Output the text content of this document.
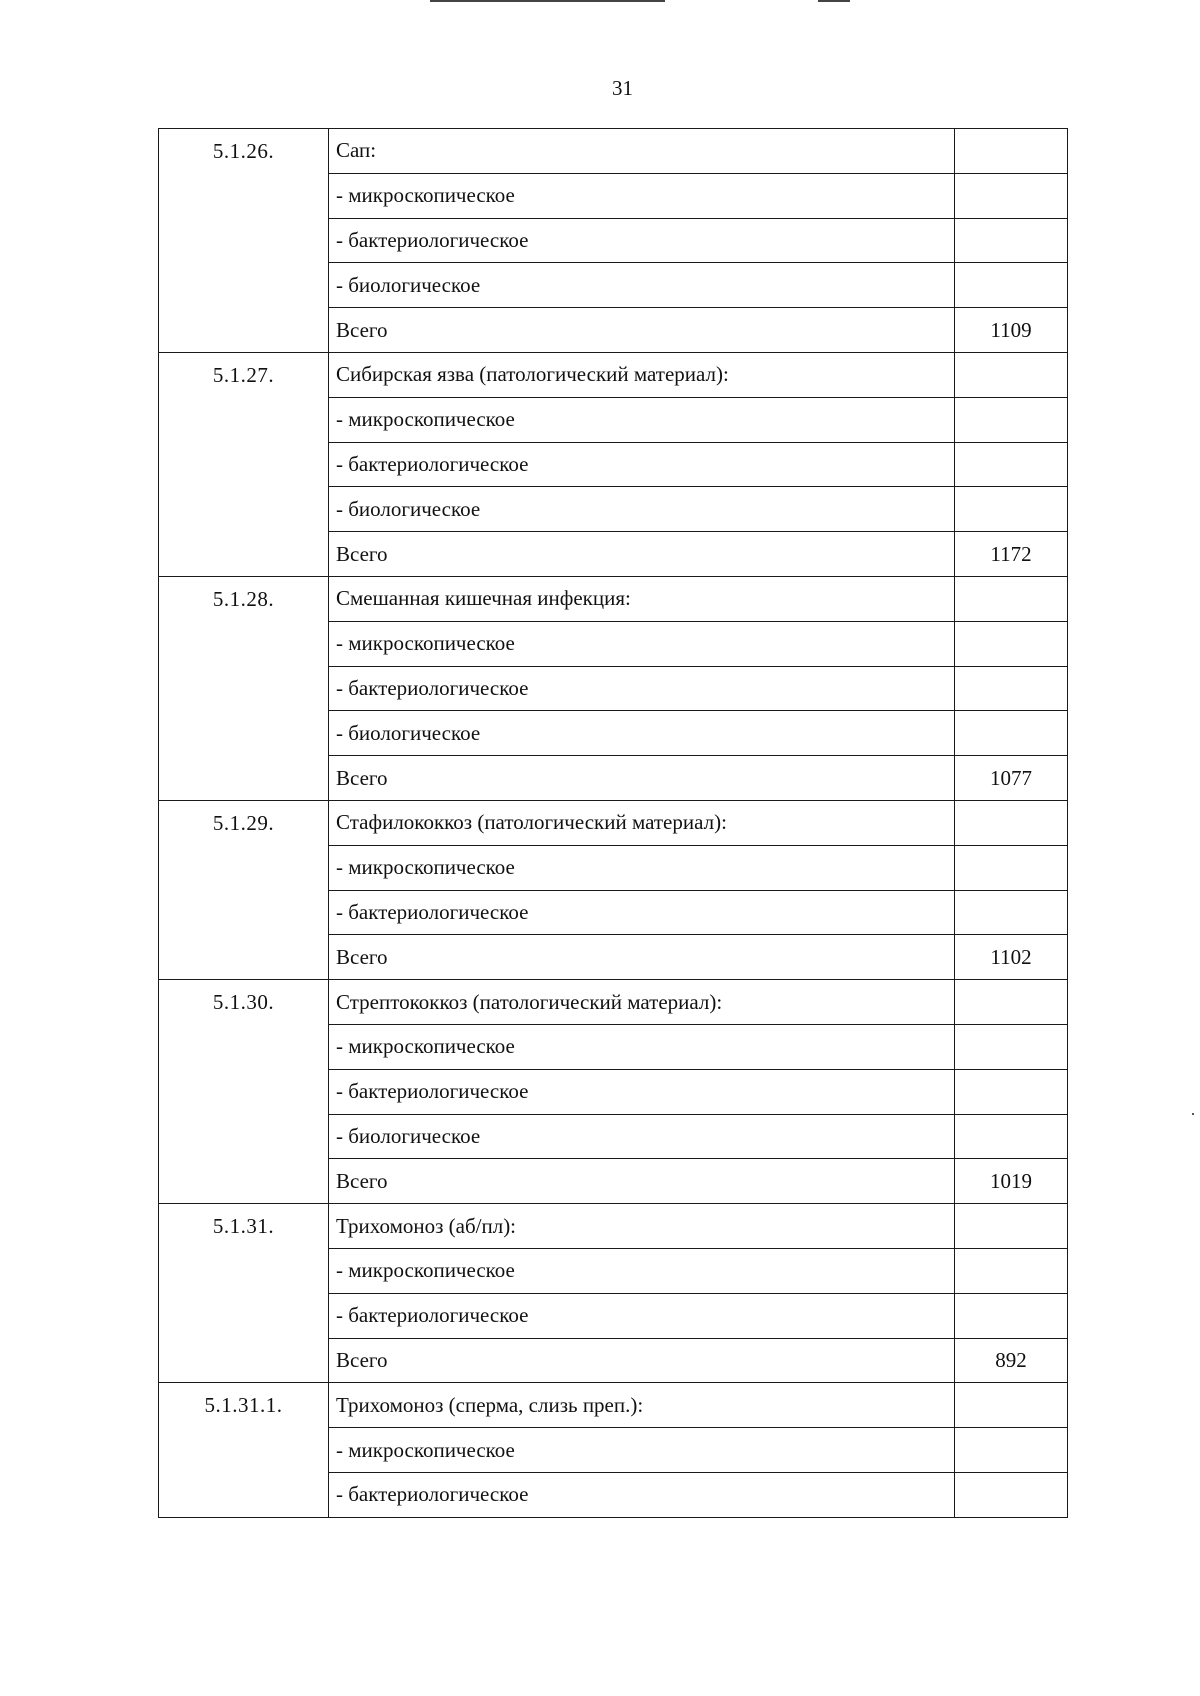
31
5.1.26.	Сап:	
	- микроскопическое	
	- бактериологическое	
	- биологическое	
	Всего	1109
5.1.27.	Сибирская язва (патологический материал):	
	- микроскопическое	
	- бактериологическое	
	- биологическое	
	Всего	1172
5.1.28.	Смешанная кишечная инфекция:	
	- микроскопическое	
	- бактериологическое	
	- биологическое	
	Всего	1077
5.1.29.	Стафилококкоз (патологический материал):	
	- микроскопическое	
	- бактериологическое	
	Всего	1102
5.1.30.	Стрептококкоз (патологический материал):	
	- микроскопическое	
	- бактериологическое	
	- биологическое	
	Всего	1019
5.1.31.	Трихомоноз (аб/пл):	
	- микроскопическое	
	- бактериологическое	
	Всего	892
5.1.31.1.	Трихомоноз (сперма, слизь преп.):	
	- микроскопическое	
	- бактериологическое	
